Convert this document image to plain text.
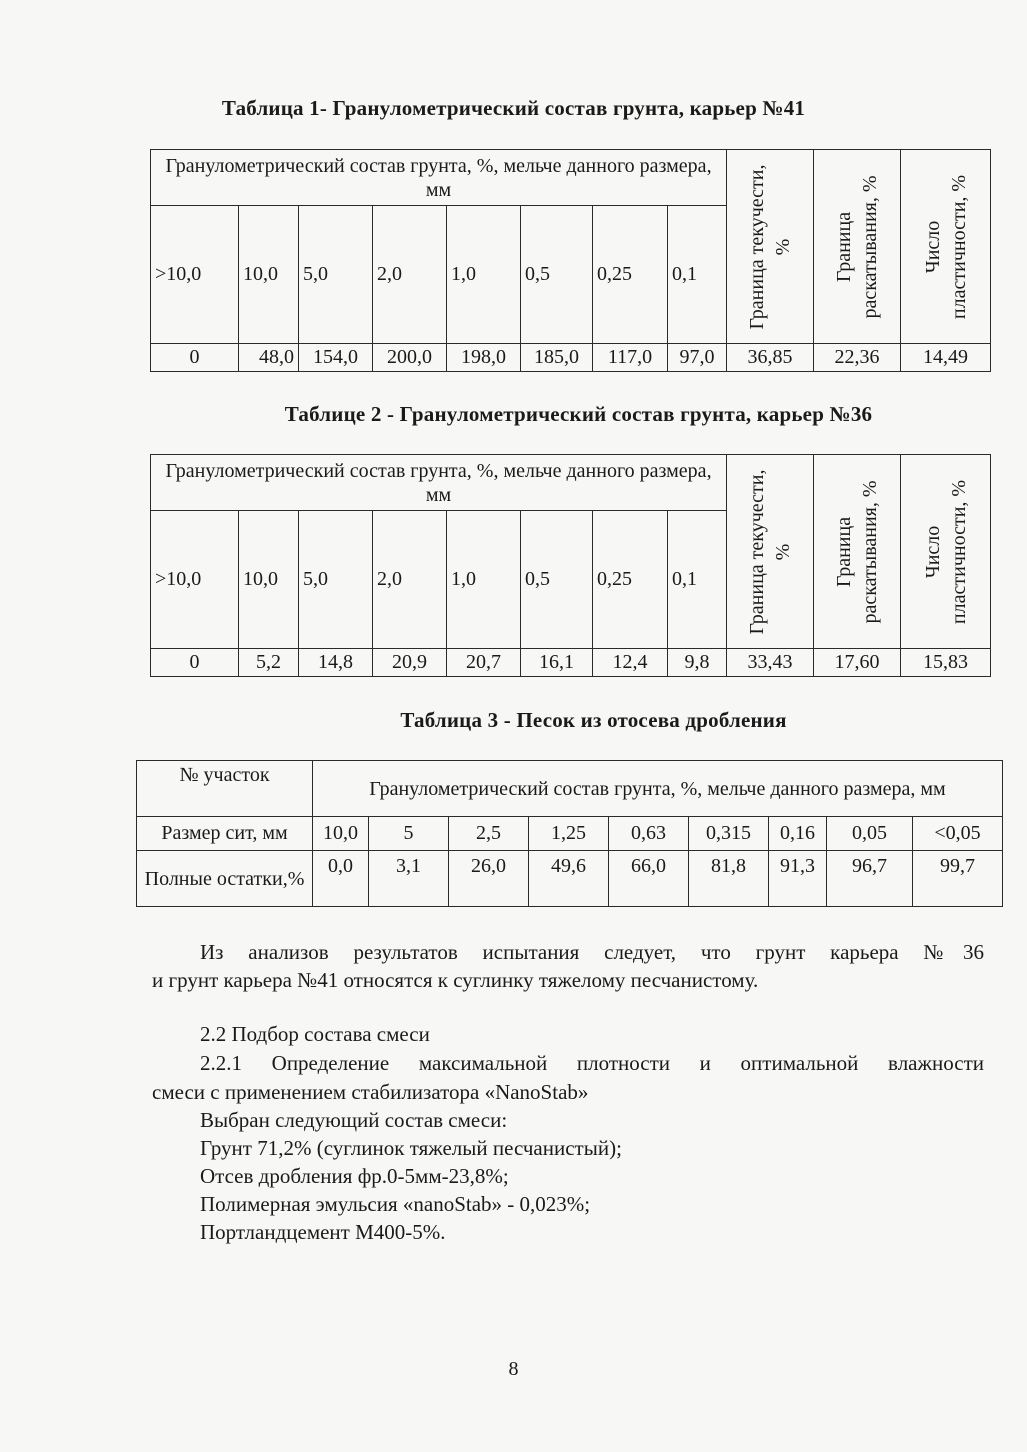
Таблица 1- Гранулометрический состав грунта, карьер №41
Гранулометрический состав грунта, %, мельче данного размера, мм								Граница текучести, %	Граница раскатывания, %	Число пластичности, %

>10,0	10,0	5,0	2,0	1,0	0,5	0,25	0,1			
0	48,0	154,0	200,0	198,0	185,0	117,0	97,0	36,85	22,36	14,49
Таблице 2 - Гранулометрический состав грунта, карьер №36
Гранулометрический состав грунта, %, мельче данного размера, мм								Граница текучести, %	Граница раскатывания, %	Число пластичности, %

>10,0	10,0	5,0	2,0	1,0	0,5	0,25	0,1			
0	5,2	14,8	20,9	20,7	16,1	12,4	9,8	33,43	17,60	15,83
Таблица 3 - Песок из отосева дробления
№ участок	Гранулометрический состав грунта, %, мельче данного размера, мм								
Размер сит, мм	10,0	5	2,5	1,25	0,63	0,315	0,16	0,05	<0,05
Полные остатки,%	0,0	3,1	26,0	49,6	66,0	81,8	91,3	96,7	99,7
Из анализов результатов испытания следует, что грунт карьера №36
и грунт карьера №41 относятся к суглинку тяжелому песчанистому.
2.2 Подбор состава смеси
2.2.1 Определение максимальной плотности и оптимальной влажности
смеси с применением стабилизатора «NanoStab»
Выбран следующий состав смеси:
Грунт 71,2% (суглинок тяжелый песчанистый);
Отсев дробления фр.0-5мм-23,8%;
Полимерная эмульсия «nanoStab» - 0,023%;
Портландцемент М400-5%.
8
